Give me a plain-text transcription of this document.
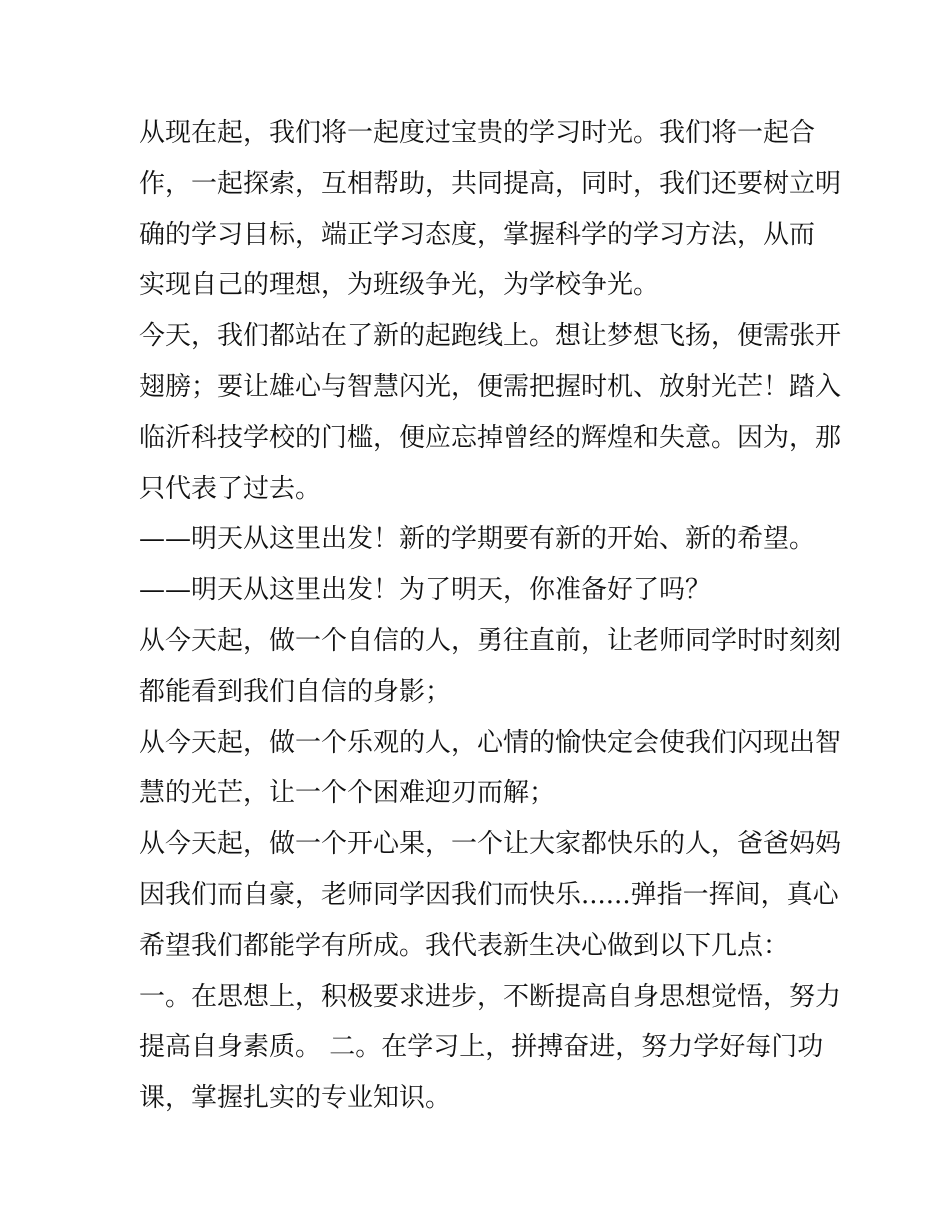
从现在起，我们将一起度过宝贵的学习时光。我们将一起合
作，一起探索，互相帮助，共同提高，同时，我们还要树立明
确的学习目标，端正学习态度，掌握科学的学习方法，从而
实现自己的理想，为班级争光，为学校争光。
今天，我们都站在了新的起跑线上。想让梦想飞扬，便需张开
翅膀；要让雄心与智慧闪光，便需把握时机、放射光芒！踏入
临沂科技学校的门槛，便应忘掉曾经的辉煌和失意。因为，那
只代表了过去。
——明天从这里出发！新的学期要有新的开始、新的希望。
——明天从这里出发！为了明天，你准备好了吗？
从今天起，做一个自信的人，勇往直前，让老师同学时时刻刻
都能看到我们自信的身影；
从今天起，做一个乐观的人，心情的愉快定会使我们闪现出智
慧的光芒，让一个个困难迎刃而解；
从今天起，做一个开心果，一个让大家都快乐的人，爸爸妈妈
因我们而自豪，老师同学因我们而快乐......弹指一挥间，真心
希望我们都能学有所成。我代表新生决心做到以下几点：
一。在思想上，积极要求进步，不断提高自身思想觉悟，努力
提高自身素质。 二。在学习上，拼搏奋进，努力学好每门功
课，掌握扎实的专业知识。
